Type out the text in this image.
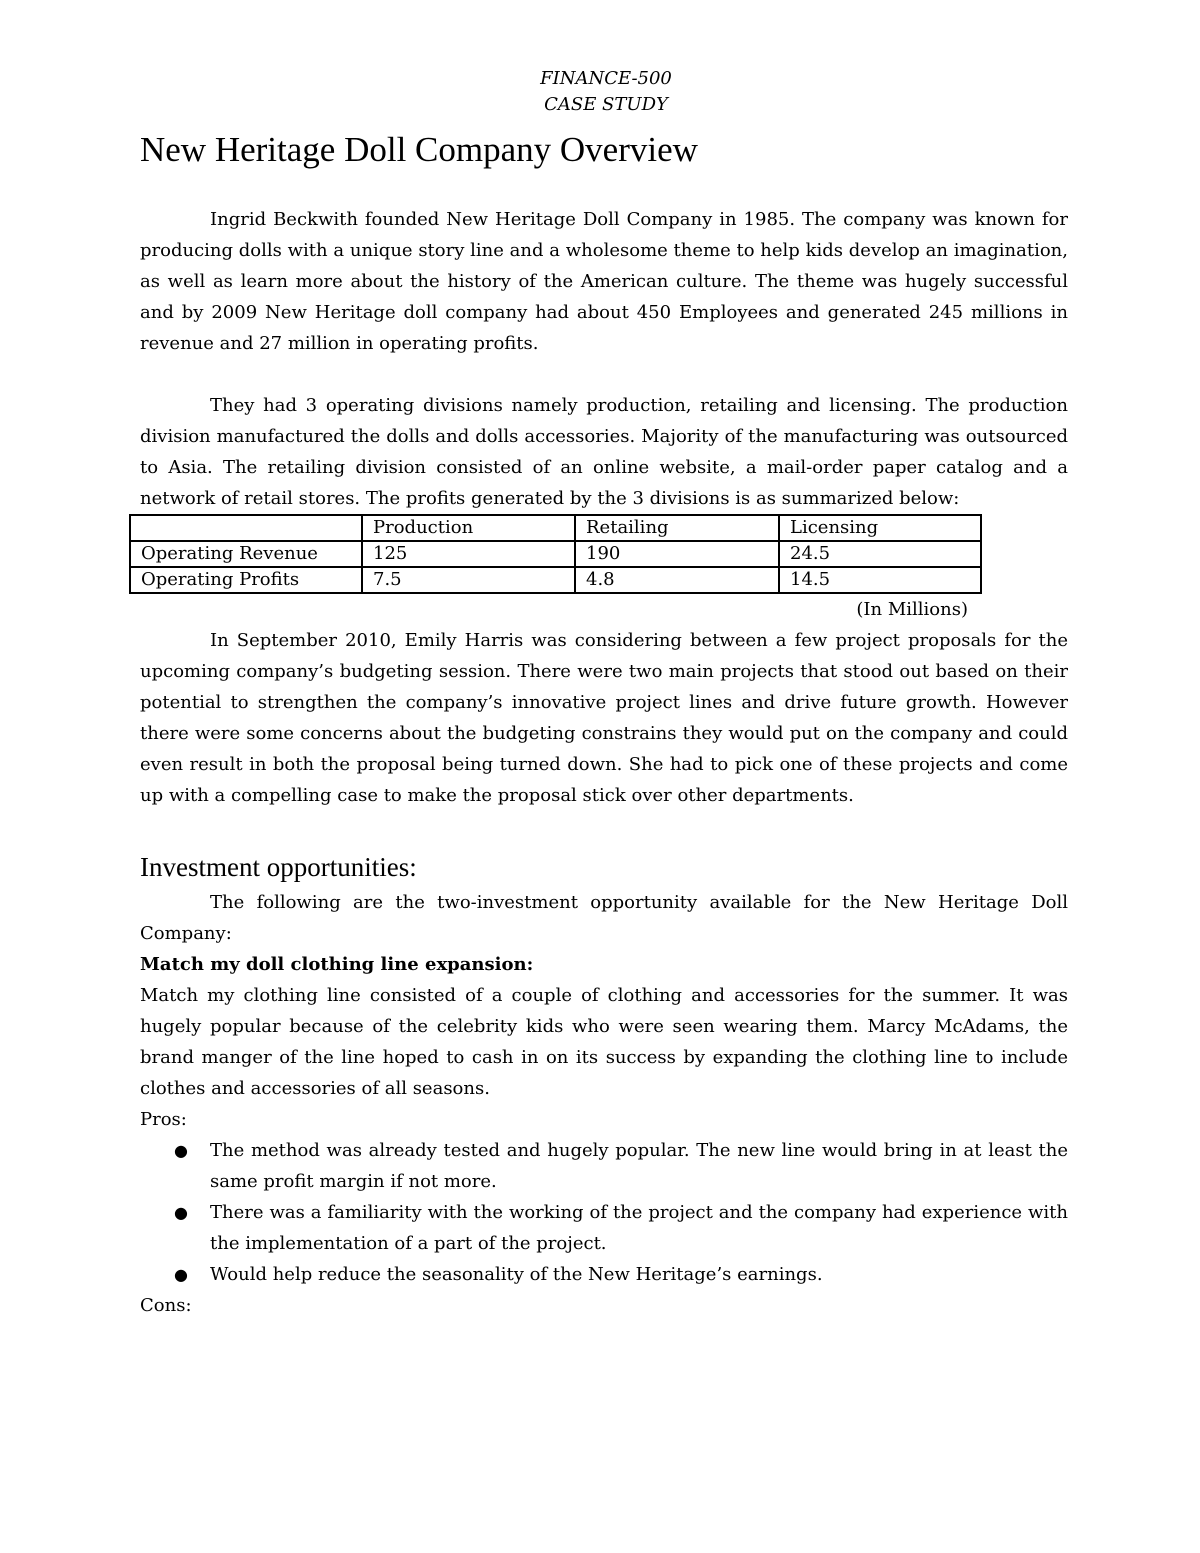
FINANCE-500
CASE STUDY
New Heritage Doll Company Overview

Ingrid Beckwith founded New Heritage Doll Company in 1985. The company was known for producing dolls with a unique story line and a wholesome theme to help kids develop an imagination, as well as learn more about the history of the American culture. The theme was hugely successful and by 2009 New Heritage doll company had about 450 Employees and generated 245 millions in revenue and 27 million in operating profits.

They had 3 operating divisions namely production, retailing and licensing. The production division manufactured the dolls and dolls accessories. Majority of the manufacturing was outsourced to Asia. The retailing division consisted of an online website, a mail-order paper catalog and a network of retail stores. The profits generated by the 3 divisions is as summarized below:

	Production	Retailing	Licensing
Operating Revenue	125	190	24.5
Operating Profits	7.5	4.8	14.5
(In Millions)

In September 2010, Emily Harris was considering between a few project proposals for the upcoming company’s budgeting session. There were two main projects that stood out based on their potential to strengthen the company’s innovative project lines and drive future growth. However there were some concerns about the budgeting constrains they would put on the company and could even result in both the proposal being turned down. She had to pick one of these projects and come up with a compelling case to make the proposal stick over other departments.

Investment opportunities:

The following are the two-investment opportunity available for the New Heritage Doll Company:

Match my doll clothing line expansion:

Match my clothing line consisted of a couple of clothing and accessories for the summer. It was hugely popular because of the celebrity kids who were seen wearing them. Marcy McAdams, the brand manger of the line hoped to cash in on its success by expanding the clothing line to include clothes and accessories of all seasons.

Pros:

● The method was already tested and hugely popular. The new line would bring in at least the same profit margin if not more.
● There was a familiarity with the working of the project and the company had experience with the implementation of a part of the project.
● Would help reduce the seasonality of the New Heritage’s earnings.

Cons:
